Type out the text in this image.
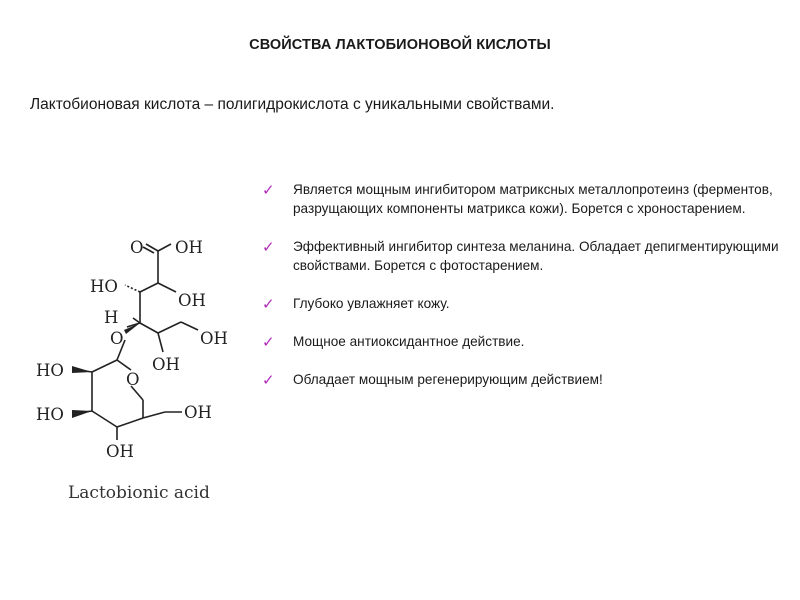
СВОЙСТВА ЛАКТОБИОНОВОЙ КИСЛОТЫ
Лактобионовая кислота – полигидрокислота с уникальными свойствами.
O OH
HO
OH
H
O	OH
OH
HO	O
HO	OH
OH
Lactobionic acid
✓ Является мощным ингибитором матриксных металлопротеинз (ферментов, разрущающих компоненты матрикса кожи). Борется с хроностарением.
✓ Эффективный ингибитор синтеза меланина. Обладает депигментирующими свойствами. Борется с фотостарением.
✓ Глубоко увлажняет кожу.
✓ Мощное антиоксидантное действие.
✓ Обладает мощным регенерирующим действием!
